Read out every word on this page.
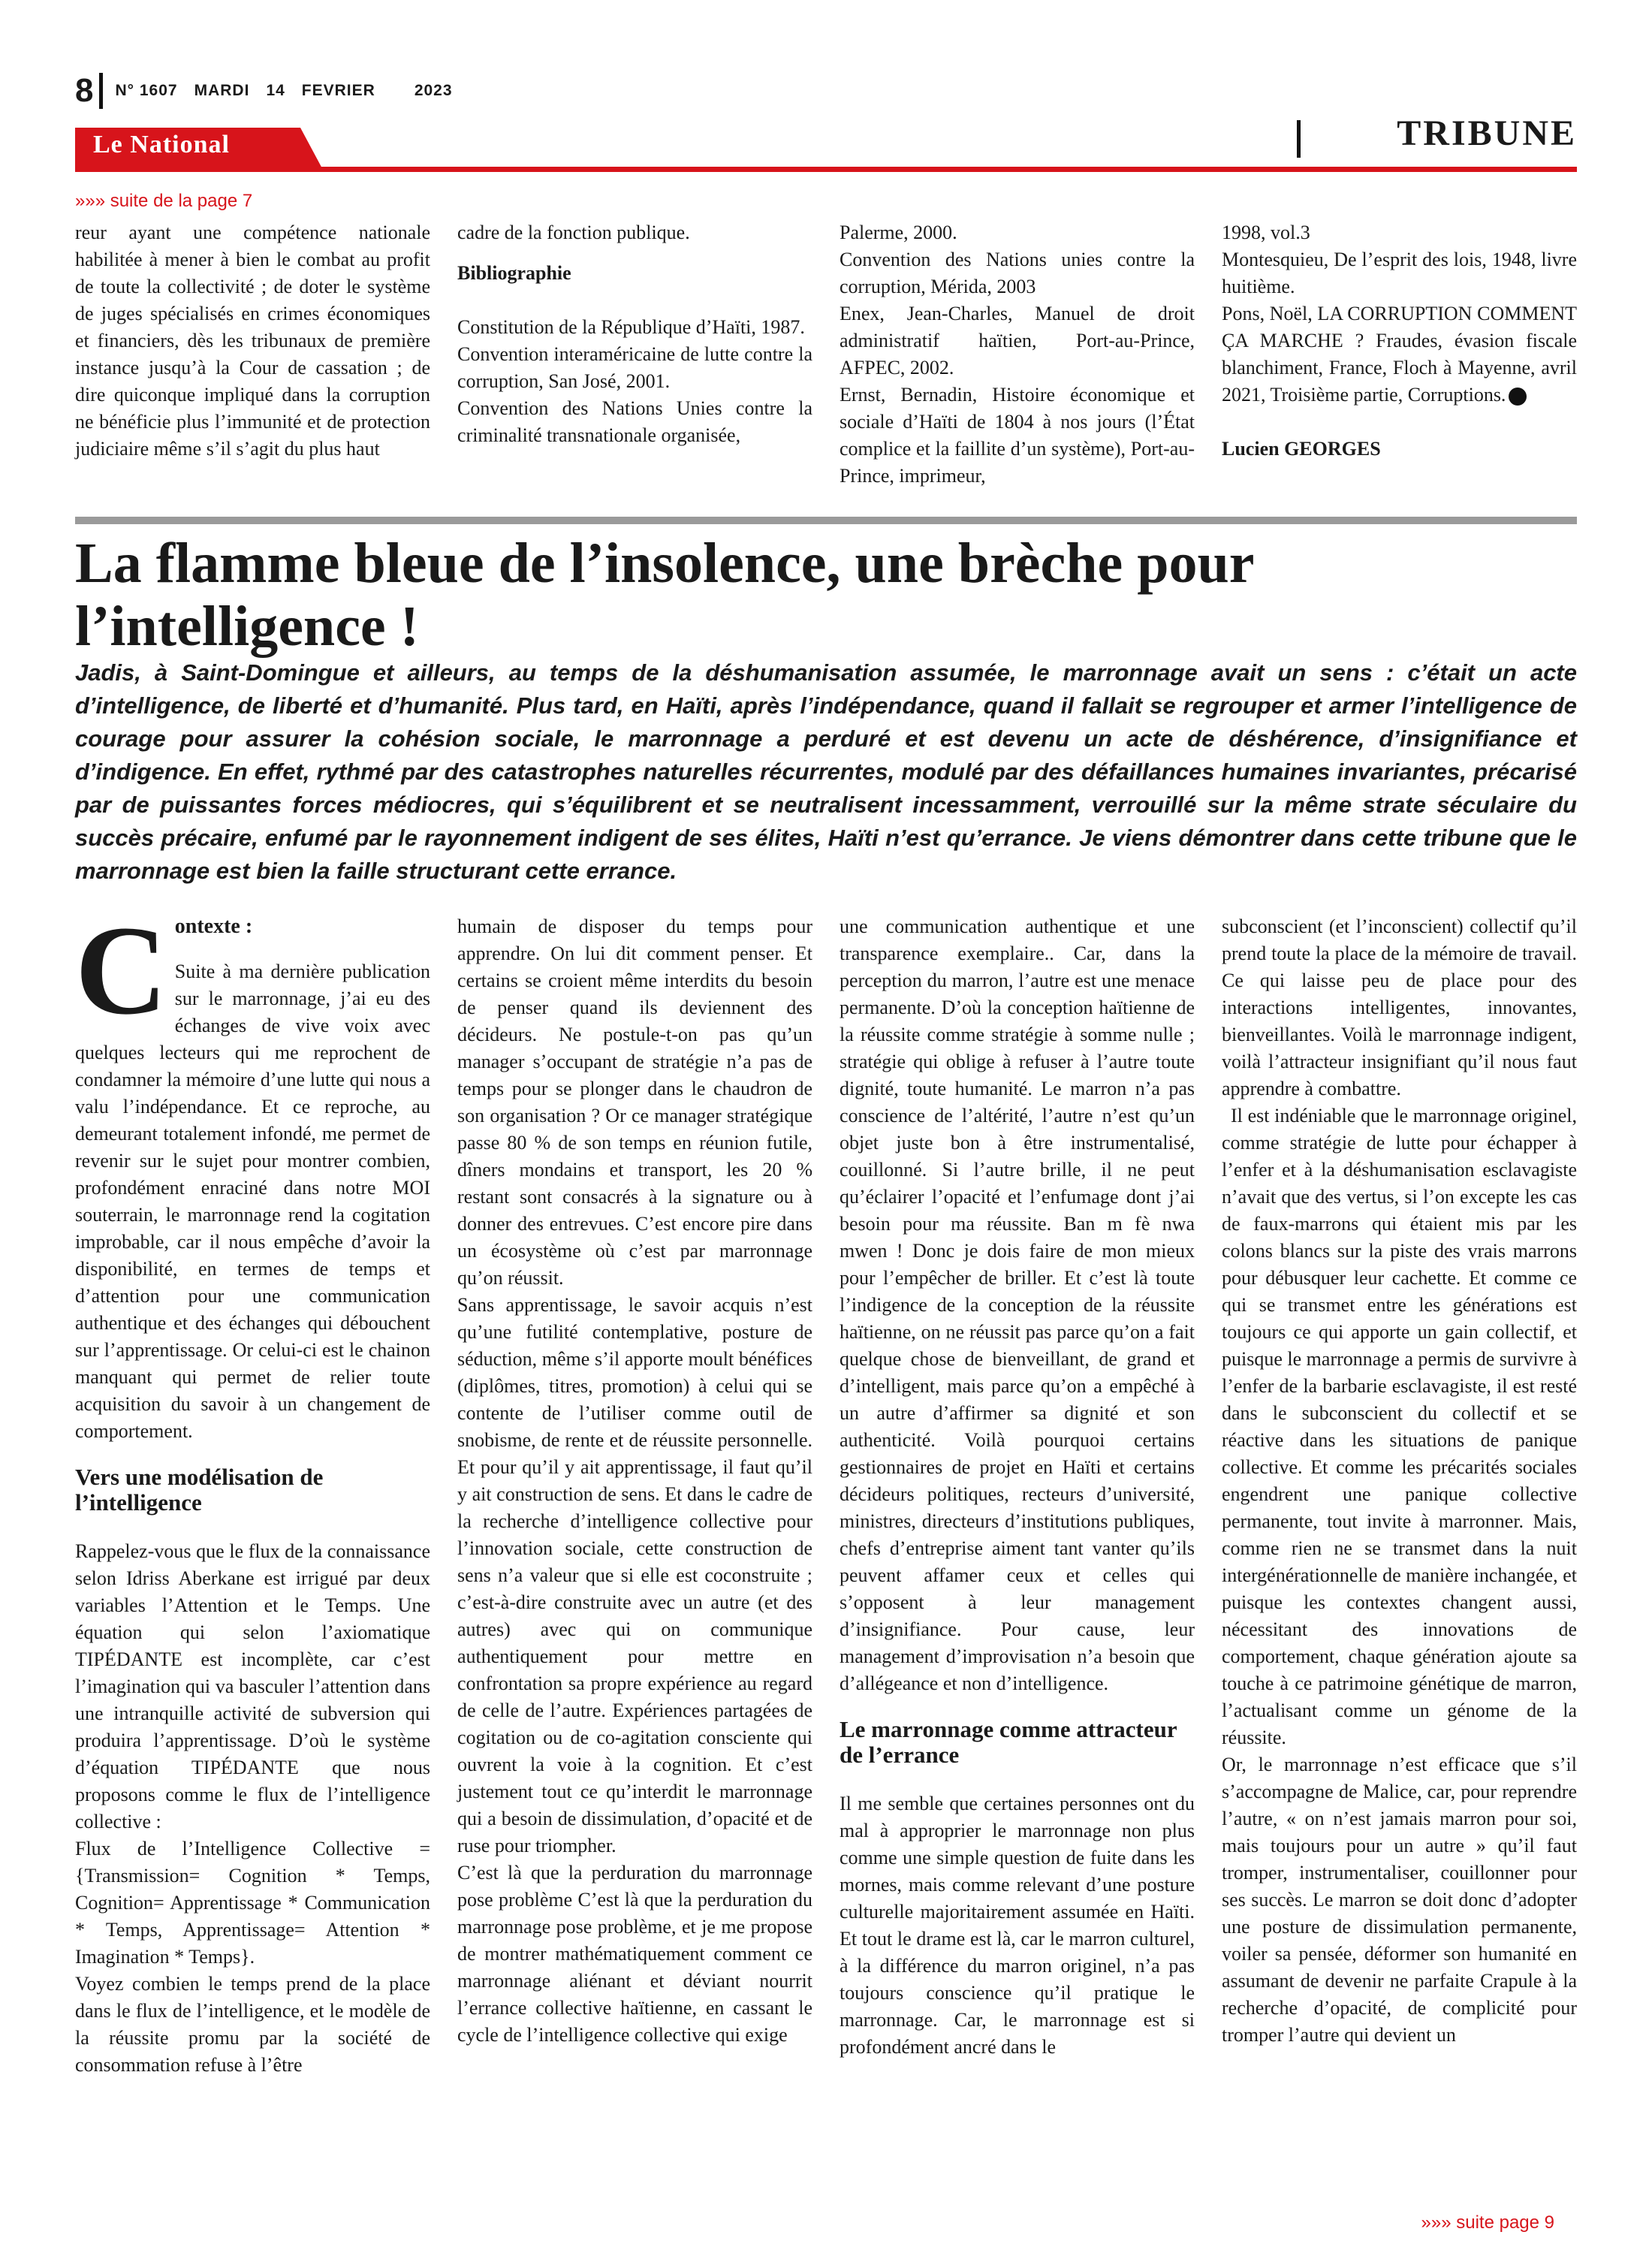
8 N° 1607 MARDI 14 FEVRIER 2023
Le National	TRIBUNE
»»» suite de la page 7
reur ayant une compétence nationale habilitée à mener à bien le combat au profit de toute la collectivité ; de doter le système de juges spécialisés en crimes économiques et financiers, dès les tribunaux de première instance jusqu’à la Cour de cassation ; de dire quiconque impliqué dans la corruption ne bénéficie plus l’immunité et de protection judiciaire même s’il s’agit du plus haut
cadre de la fonction publique.
Bibliographie
Constitution de la République d’Haïti, 1987.
Convention interaméricaine de lutte contre la corruption, San José, 2001.
Convention des Nations Unies contre la criminalité transnationale organisée,
Palerme, 2000.
Convention des Nations unies contre la corruption, Mérida, 2003
Enex, Jean-Charles, Manuel de droit administratif haïtien, Port-au-Prince, AFPEC, 2002.
Ernst, Bernadin, Histoire économique et sociale d’Haïti de 1804 à nos jours (l’État complice et la faillite d’un système), Port-au-Prince, imprimeur,
1998, vol.3
Montesquieu, De l’esprit des lois, 1948, livre huitième.
Pons, Noël, LA CORRUPTION COMMENT ÇA MARCHE ? Fraudes, évasion fiscale blanchiment, France, Floch à Mayenne, avril 2021, Troisième partie, Corruptions.
Lucien GEORGES
La flamme bleue de l’insolence, une brèche pour l’intelligence !
Jadis, à Saint-Domingue et ailleurs, au temps de la déshumanisation assumée, le marronnage avait un sens : c’était un acte d’intelligence, de liberté et d’humanité. Plus tard, en Haïti, après l’indépendance, quand il fallait se regrouper et armer l’intelligence de courage pour assurer la cohésion sociale, le marronnage a perduré et est devenu un acte de déshérence, d’insignifiance et d’indigence. En effet, rythmé par des catastrophes naturelles récurrentes, modulé par des défaillances humaines invariantes, précarisé par de puissantes forces médiocres, qui s’équilibrent et se neutralisent incessamment, verrouillé sur la même strate séculaire du succès précaire, enfumé par le rayonnement indigent de ses élites, Haïti n’est qu’errance. Je viens démontrer dans cette tribune que le marronnage est bien la faille structurant cette errance.
C ontexte :

Suite à ma dernière publication sur le marronnage, j’ai eu des échanges de vive voix avec quelques lecteurs qui me reprochent de condamner la mémoire d’une lutte qui nous a valu l’indépendance. Et ce reproche, au demeurant totalement infondé, me permet de revenir sur le sujet pour montrer combien, profondément enraciné dans notre MOI souterrain, le marronnage rend la cogitation improbable, car il nous empêche d’avoir la disponibilité, en termes de temps et d’attention pour une communication authentique et des échanges qui débouchent sur l’apprentissage. Or celui-ci est le chainon manquant qui permet de relier toute acquisition du savoir à un changement de comportement.

Vers une modélisation de l’intelligence

Rappelez-vous que le flux de la connaissance selon Idriss Aberkane est irrigué par deux variables l’Attention et le Temps. Une équation qui selon l’axiomatique TIPÉDANTE est incomplète, car c’est l’imagination qui va basculer l’attention dans une intranquille activité de subversion qui produira l’apprentissage. D’où le système d’équation TIPÉDANTE que nous proposons comme le flux de l’intelligence collective :

Flux de l’Intelligence Collective = {Transmission= Cognition * Temps, Cognition= Apprentissage * Communication * Temps, Apprentissage= Attention * Imagination * Temps}.

Voyez combien le temps prend de la place dans le flux de l’intelligence, et le modèle de la réussite promu par la société de consommation refuse à l’être

humain de disposer du temps pour apprendre. On lui dit comment penser. Et certains se croient même interdits du besoin de penser quand ils deviennent des décideurs. Ne postule-t-on pas qu’un manager s’occupant de stratégie n’a pas de temps pour se plonger dans le chaudron de son organisation ? Or ce manager stratégique passe 80 % de son temps en réunion futile, dîners mondains et transport, les 20 % restant sont consacrés à la signature ou à donner des entrevues. C’est encore pire dans un écosystème où c’est par marronnage qu’on réussit.

Sans apprentissage, le savoir acquis n’est qu’une futilité contemplative, posture de séduction, même s’il apporte moult bénéfices (diplômes, titres, promotion) à celui qui se contente de l’utiliser comme outil de snobisme, de rente et de réussite personnelle. Et pour qu’il y ait apprentissage, il faut qu’il y ait construction de sens. Et dans le cadre de la recherche d’intelligence collective pour l’innovation sociale, cette construction de sens n’a valeur que si elle est coconstruite ; c’est-à-dire construite avec un autre (et des autres) avec qui on communique authentiquement pour mettre en confrontation sa propre expérience au regard de celle de l’autre. Expériences partagées de cogitation ou de co-agitation consciente qui ouvrent la voie à la cognition. Et c’est justement tout ce qu’interdit le marronnage qui a besoin de dissimulation, d’opacité et de ruse pour triompher.

C’est là que la perduration du marronnage pose problème C’est là que la perduration du marronnage pose problème, et je me propose de montrer mathématiquement comment ce marronnage aliénant et déviant nourrit l’errance collective haïtienne, en cassant le cycle de l’intelligence collective qui exige

une communication authentique et une transparence exemplaire.. Car, dans la perception du marron, l’autre est une menace permanente. D’où la conception haïtienne de la réussite comme stratégie à somme nulle ; stratégie qui oblige à refuser à l’autre toute dignité, toute humanité. Le marron n’a pas conscience de l’altérité, l’autre n’est qu’un objet juste bon à être instrumentalisé, couillonné. Si l’autre brille, il ne peut qu’éclairer l’opacité et l’enfumage dont j’ai besoin pour ma réussite. Ban m fè nwa mwen ! Donc je dois faire de mon mieux pour l’empêcher de briller. Et c’est là toute l’indigence de la conception de la réussite haïtienne, on ne réussit pas parce qu’on a fait quelque chose de bienveillant, de grand et d’intelligent, mais parce qu’on a empêché à un autre d’affirmer sa dignité et son authenticité. Voilà pourquoi certains gestionnaires de projet en Haïti et certains décideurs politiques, recteurs d’université, ministres, directeurs d’institutions publiques, chefs d’entreprise aiment tant vanter qu’ils peuvent affamer ceux et celles qui s’opposent à leur management d’insignifiance. Pour cause, leur management d’improvisation n’a besoin que d’allégeance et non d’intelligence.

Le marronnage comme attracteur de l’errance

Il me semble que certaines personnes ont du mal à approprier le marronnage non plus comme une simple question de fuite dans les mornes, mais comme relevant d’une posture culturelle majoritairement assumée en Haïti. Et tout le drame est là, car le marron culturel, à la différence du marron originel, n’a pas toujours conscience qu’il pratique le marronnage. Car, le marronnage est si profondément ancré dans le

subconscient (et l’inconscient) collectif qu’il prend toute la place de la mémoire de travail. Ce qui laisse peu de place pour des interactions intelligentes, innovantes, bienveillantes. Voilà le marronnage indigent, voilà l’attracteur insignifiant qu’il nous faut apprendre à combattre.

Il est indéniable que le marronnage originel, comme stratégie de lutte pour échapper à l’enfer et à la déshumanisation esclavagiste n’avait que des vertus, si l’on excepte les cas de faux-marrons qui étaient mis par les colons blancs sur la piste des vrais marrons pour débusquer leur cachette. Et comme ce qui se transmet entre les générations est toujours ce qui apporte un gain collectif, et puisque le marronnage a permis de survivre à l’enfer de la barbarie esclavagiste, il est resté dans le subconscient du collectif et se réactive dans les situations de panique collective. Et comme les précarités sociales engendrent une panique collective permanente, tout invite à marronner. Mais, comme rien ne se transmet dans la nuit intergénérationnelle de manière inchangée, et puisque les contextes changent aussi, nécessitant des innovations de comportement, chaque génération ajoute sa touche à ce patrimoine génétique de marron, l’actualisant comme un génome de la réussite.

Or, le marronnage n’est efficace que s’il s’accompagne de Malice, car, pour reprendre l’autre, « on n’est jamais marron pour soi, mais toujours pour un autre » qu’il faut tromper, instrumentaliser, couillonner pour ses succès. Le marron se doit donc d’adopter une posture de dissimulation permanente, voiler sa pensée, déformer son humanité en assumant de devenir ne parfaite Crapule à la recherche d’opacité, de complicité pour tromper l’autre qui devient un

»»» suite page 9
